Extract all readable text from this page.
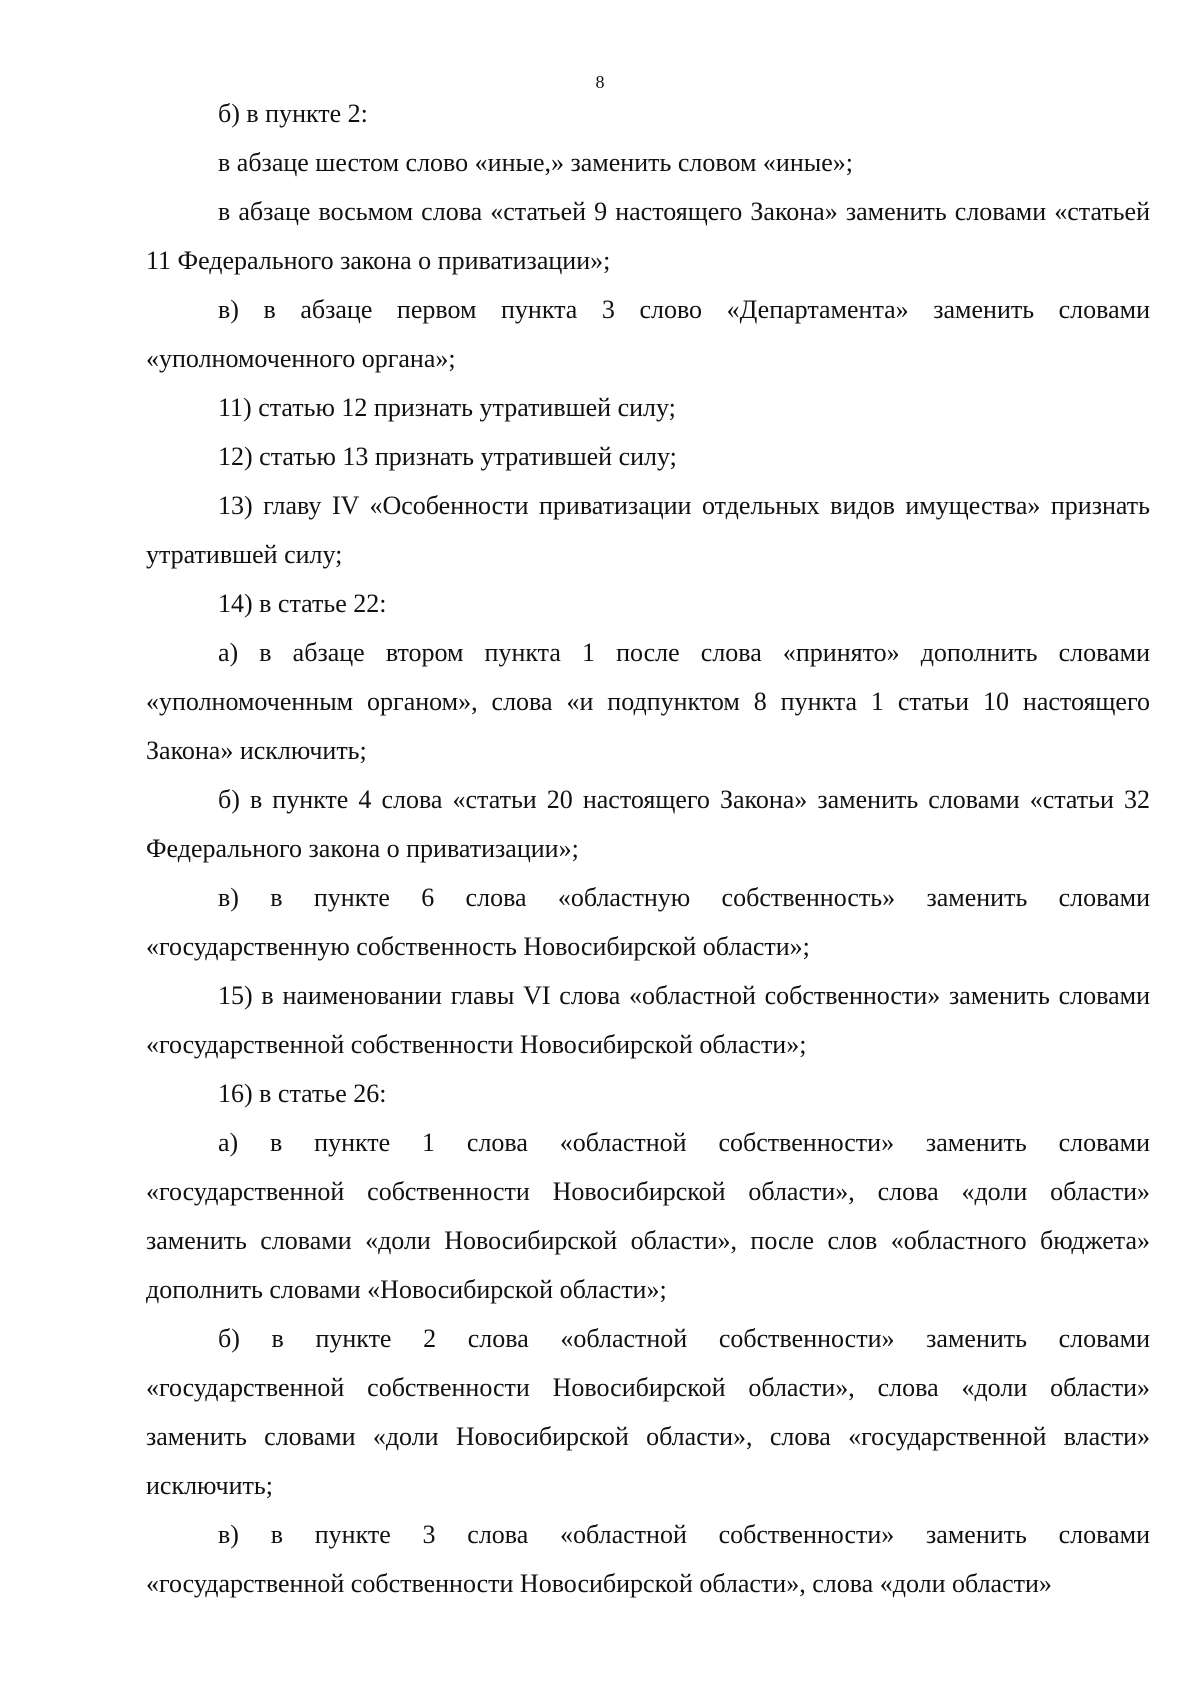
8

б) в пункте 2:

в абзаце шестом слово «иные,» заменить словом «иные»;

в абзаце восьмом слова «статьей 9 настоящего Закона» заменить словами «статьей 11 Федерального закона о приватизации»;

в) в абзаце первом пункта 3 слово «Департамента» заменить словами «уполномоченного органа»;

11) статью 12 признать утратившей силу;

12) статью 13 признать утратившей силу;

13) главу IV «Особенности приватизации отдельных видов имущества» признать утратившей силу;

14) в статье 22:

а) в абзаце втором пункта 1 после слова «принято» дополнить словами «уполномоченным органом», слова «и подпунктом 8 пункта 1 статьи 10 настоящего Закона» исключить;

б) в пункте 4 слова «статьи 20 настоящего Закона» заменить словами «статьи 32 Федерального закона о приватизации»;

в) в пункте 6 слова «областную собственность» заменить словами «государственную собственность Новосибирской области»;

15) в наименовании главы VI слова «областной собственности» заменить словами «государственной собственности Новосибирской области»;

16) в статье 26:

а) в пункте 1 слова «областной собственности» заменить словами «государственной собственности Новосибирской области», слова «доли области» заменить словами «доли Новосибирской области», после слов «областного бюджета» дополнить словами «Новосибирской области»;

б) в пункте 2 слова «областной собственности» заменить словами «государственной собственности Новосибирской области», слова «доли области» заменить словами «доли Новосибирской области», слова «государственной власти» исключить;

в) в пункте 3 слова «областной собственности» заменить словами «государственной собственности Новосибирской области», слова «доли области»
